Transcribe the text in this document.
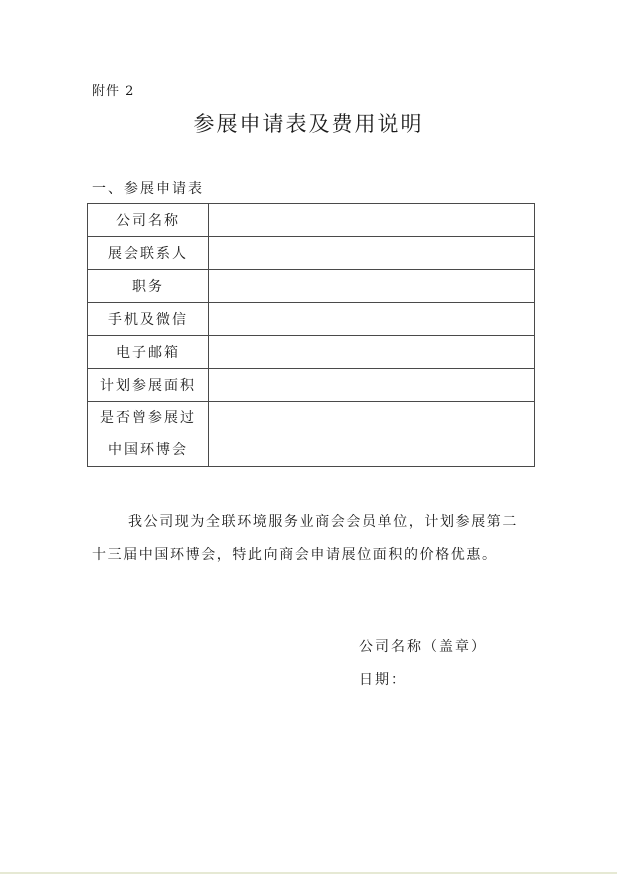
附件 2
参展申请表及费用说明
一、参展申请表
公司名称	

展会联系人	

职务	

手机及微信	

电子邮箱	

计划参展面积	

是否曾参展过
中国环博会	

我公司现为全联环境服务业商会会员单位，计划参展第二十三届中国环博会，特此向商会申请展位面积的价格优惠。
公司名称（盖章）
日期：
